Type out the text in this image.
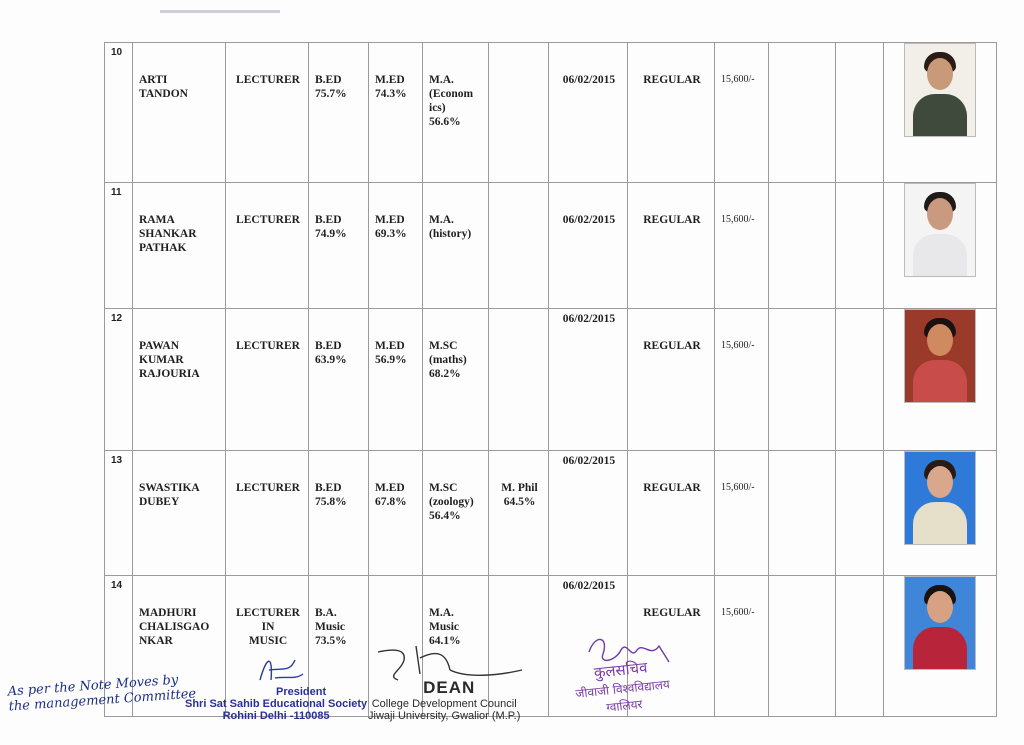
10	ARTI
TANDON	LECTURER	B.ED
75.7%	M.ED
74.3%	M.A.
(Econom
ics)
56.6%		06/02/2015	REGULAR	15,600/-			

11	RAMA
SHANKAR
PATHAK	LECTURER	B.ED
74.9%	M.ED
69.3%	M.A.
(history)		06/02/2015	REGULAR	15,600/-			

12	PAWAN
KUMAR
RAJOURIA	LECTURER	B.ED
63.9%	M.ED
56.9%	M.SC
(maths)
68.2%		06/02/2015	REGULAR	15,600/-			

13	SWASTIKA
DUBEY	LECTURER	B.ED
75.8%	M.ED
67.8%	M.SC
(zoology)
56.4%	M. Phil
64.5%	06/02/2015	REGULAR	15,600/-			

14	MADHURI
CHALISGAO
NKAR	LECTURER
IN
MUSIC	B.A.
Music
73.5%		M.A.
Music
64.1%		06/02/2015	REGULAR	15,600/-			

As per the Note Moves by
the management Committee	President
Shri Sat Sahib Educational Society
Rohini Delhi -110085
DEAN
College Development Council
Jiwaji University, Gwalior (M.P.)
कुलसचिव
जीवाजी विश्वविद्यालय
ग्वालियर
